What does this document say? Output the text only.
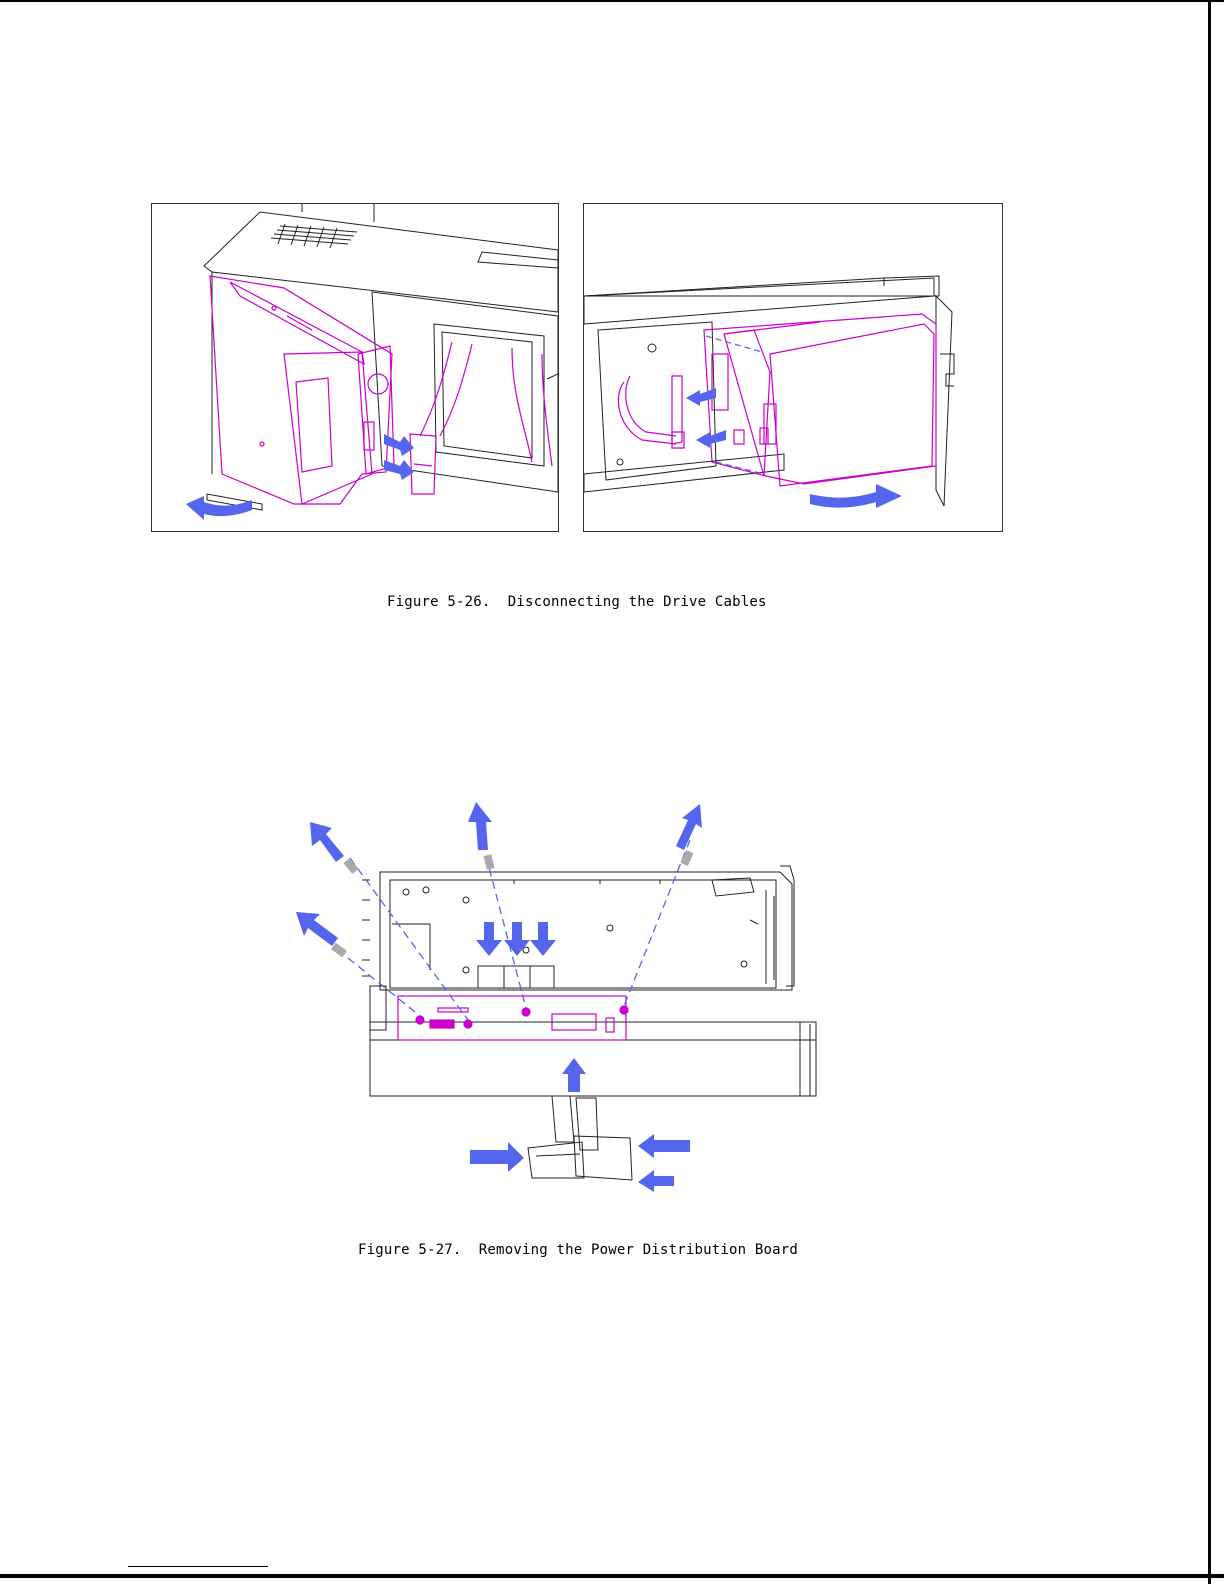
Figure 5-26.  Disconnecting the Drive Cables
Figure 5-27.  Removing the Power Distribution Board
